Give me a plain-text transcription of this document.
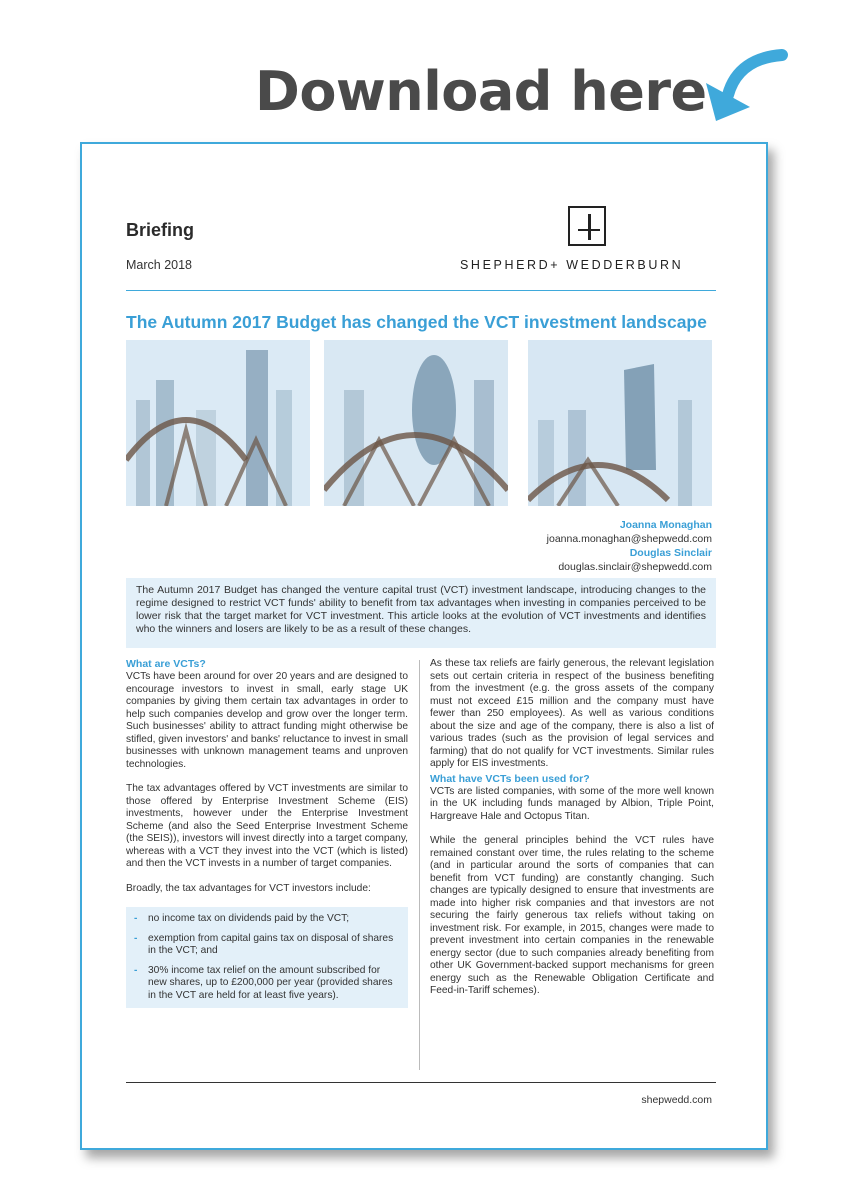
Download here
Briefing
March 2018	SHEPHERD+ WEDDERBURN
The Autumn 2017 Budget has changed the VCT investment landscape
Joanna Monaghan
joanna.monaghan@shepwedd.com
Douglas Sinclair
douglas.sinclair@shepwedd.com
The Autumn 2017 Budget has changed the venture capital trust (VCT) investment landscape, introducing changes to the regime designed to restrict VCT funds' ability to benefit from tax advantages when investing in companies perceived to be lower risk that the target market for VCT investment. This article looks at the evolution of VCT investments and identifies who the winners and losers are likely to be as a result of these changes.
What are VCTs?

VCTs have been around for over 20 years and are designed to encourage investors to invest in small, early stage UK companies by giving them certain tax advantages in order to help such companies develop and grow over the longer term. Such businesses' ability to attract funding might otherwise be stifled, given investors' and banks' reluctance to invest in small businesses with unknown management teams and unproven technologies.

The tax advantages offered by VCT investments are similar to those offered by Enterprise Investment Scheme (EIS) investments, however under the Enterprise Investment Scheme (and also the Seed Enterprise Investment Scheme (the SEIS)), investors will invest directly into a target company, whereas with a VCT they invest into the VCT (which is listed) and then the VCT invests in a number of target companies.

Broadly, the tax advantages for VCT investors include:

- no income tax on dividends paid by the VCT;
- exemption from capital gains tax on disposal of shares in the VCT; and
- 30% income tax relief on the amount subscribed for new shares, up to £200,000 per year (provided shares in the VCT are held for at least five years).

As these tax reliefs are fairly generous, the relevant legislation sets out certain criteria in respect of the business benefiting from the investment (e.g. the gross assets of the company must not exceed £15 million and the company must have fewer than 250 employees). As well as various conditions about the size and age of the company, there is also a list of various trades (such as the provision of legal services and farming) that do not qualify for VCT investments. Similar rules apply for EIS investments.

What have VCTs been used for?

VCTs are listed companies, with some of the more well known in the UK including funds managed by Albion, Triple Point, Hargreave Hale and Octopus Titan.

While the general principles behind the VCT rules have remained constant over time, the rules relating to the scheme (and in particular around the sorts of companies that can benefit from VCT funding) are constantly changing. Such changes are typically designed to ensure that investments are made into higher risk companies and that investors are not securing the fairly generous tax reliefs without taking on investment risk. For example, in 2015, changes were made to prevent investment into certain companies in the renewable energy sector (due to such companies already benefiting from other UK Government-backed support mechanisms for green energy such as the Renewable Obligation Certificate and Feed-in-Tariff schemes).

shepwedd.com
